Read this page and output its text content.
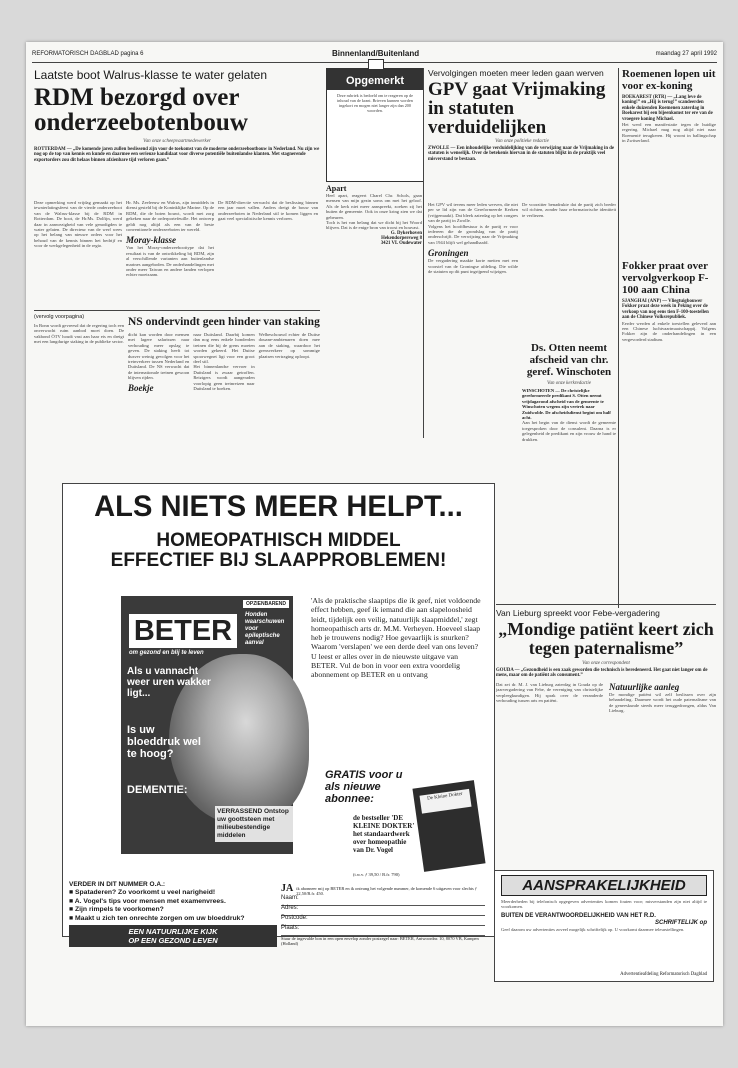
REFORMATORISCH DAGBLAD pagina 6	Binnenland/Buitenland	maandag 27 april 1992
Laatste boot Walrus-klasse te water gelaten
RDM bezorgd over onderzeebotenbouw
Van onze scheepvaartmedewerker

ROTTERDAM — „De komende jaren zullen beslissend zijn voor de toekomst van de moderne onderzeebootbouw in Nederland. Nu zijn we nog op de top van kennis en kunde en daarmee een serieuze kandidaat voor diverse potentiële buitenlandse klanten. Met stagnerende exportorders zou dit helaas binnen afzienbare tijd verloren gaan.”

Deze opmerking werd vrijdag gemaakt op het tewaterlatingsfeest van de vierde onderzeeboot van de Walrus-klasse bij de RDM in Rotterdam. De boot, de Hr.Ms. Dolfijn, werd daar in aanwezigheid van vele genodigden te water gelaten. De directeur van de werf wees op het belang van nieuwe orders voor het behoud van de kennis binnen het bedrijf en voor de werkgelegenheid in de regio.

Hr. Ms. Zeeleeuw en Walrus, zijn inmiddels in dienst gesteld bij de Koninklijke Marine. Op de RDM, die de boten bouwt, wordt met zorg gekeken naar de orderportefeuille. Het ontwerp geldt nog altijd als een van de beste conventionele onderzeeboten ter wereld.

Moray-klasse

Van het Moray-onderzeeboottype dat het resultaat is van de ontwikkeling bij RDM, zijn al verschillende varianten aan buitenlandse marines aangeboden. De onderhandelingen met onder meer Taiwan en andere landen verlopen echter moeizaam.

De RDM-directie verwacht dat de beslissing binnen een jaar moet vallen. Anders dreigt de bouw van onderzeeboten in Nederland stil te komen liggen en gaat veel specialistische kennis verloren.

(vervolg voorpagina)

In Bonn wordt gevreesd dat de regering toch een onverwacht ruim aanbod moet doen. De vakbond ÖTV houdt vast aan haar eis en dreigt met een langdurige staking in de publieke sector.

NS ondervindt geen hinder van staking

dicht kan worden door mensen met lagere salarissen naar verhouding meer opslag te geven. De staking heeft tot dusver weinig gevolgen voor het treinverkeer tussen Nederland en Duitsland. De NS verwacht dat de internationale treinen gewoon blijven rijden.

Boekje

naar Duitsland. Daarbij komen dan nog eens enkele honderden treinen die bij de grens moeten worden gekeerd. Het Duitse spoorwegnet ligt voor een groot deel stil.

Het binnenlandse vervoer in Duitsland is zwaar getroffen. Reizigers wordt aangeraden voorlopig geen treinreizen naar Duitsland te boeken.

Welbeschouwd echter de Duitse douane-ambtenaren doen mee aan de staking, waardoor het grensverkeer op sommige plaatsen vertraging oploopt.

Opgemerkt

Deze rubriek is bedoeld om te reageren op de inhoud van de krant. Brieven kunnen worden ingekort en mogen niet langer zijn dan 200 woorden.

Apart

Heel apart, reageert Charel Chr. Schols, gaan mensen van mijn gezin soms om met het geloof. Als de kerk niet meer aanspreekt, zoeken zij het buiten de gemeente. Ook in onze kring zien we dat gebeuren.

Toch is het van belang dat we dicht bij het Woord blijven. Dat is de enige bron van troost en houvast.

G. Dykerhoven
Hekendorpersweg 8
3421 VL Oudewater
Vervolgingen moeten meer leden gaan werven
GPV gaat Vrijmaking in statuten verduidelijken
Van onze politieke redactie

ZWOLLE — Een inhoudelijke verduidelijking van de verwijzing naar de Vrijmaking in de statuten is wenselijk. Over de betekenis hiervan in de statuten blijkt in de praktijk veel misverstand te bestaan.

Het GPV wil tevens meer leden werven, die niet per se lid zijn van de Gereformeerde Kerken (vrijgemaakt). Dat bleek zaterdag op het congres van de partij in Zwolle.

Volgens het hoofdbestuur is de partij er voor iedereen die de grondslag van de partij onderschrijft. De verwijzing naar de Vrijmaking van 1944 blijft wel gehandhaafd.

Groningen

De vergadering maakte korte metten met een voorstel van de Groningse afdeling. Die wilde de statuten op dit punt ingrijpend wijzigen.

De voorzitter benadrukte dat de partij zich breder wil richten, zonder haar reformatorische identiteit te verliezen.

Ds. Otten neemt afscheid van chr. geref. Winschoten
Van onze kerkredactie

WINSCHOTEN — De christelijke gereformeerde predikant S. Otten neemt vrijdagavond afscheid van de gemeente te Winschoten wegens zijn vertrek naar Zuidwolde. De afscheidsdienst begint om half acht.

Aan het begin van de dienst wordt de gemeente toegesproken door de consulent. Daarna is er gelegenheid de predikant en zijn vrouw de hand te drukken.

Roemenen lopen uit voor ex-koning

BOEKAREST (RTR) — „Lang leve de koning!” en „Hij is terug!” scandeerden enkele duizenden Roemenen zaterdag in Boekarest bij een bijeenkomst ter ere van de vroegere koning Michael.

Het werd een manifestatie tegen de huidige regering. Michael mag nog altijd niet naar Roemenië terugkeren. Hij woont in ballingschap in Zwitserland.

Fokker praat over vervolgverkoop F-100 aan China

SJANGHAI (ANP) — Vliegtuigbouwer Fokker praat deze week in Peking over de verkoop van nog eens tien F-100-toestellen aan de Chinese Volksrepubliek.

Eerder werden al enkele toestellen geleverd aan een Chinese luchtvaartmaatschappij. Volgens Fokker zijn de onderhandelingen in een vergevorderd stadium.

Van Lieburg spreekt voor Febe-vergadering
„Mondige patiënt keert zich tegen paternalisme”
Van onze correspondent

GOUDA — „Gezondheid is een zaak geworden die technisch is beredeneerd. Het gaat niet langer om de mens, maar om de patiënt als consument.”

Dat zei dr. M. J. van Lieburg zaterdag in Gouda op de jaarvergadering van Febe, de vereniging van christelijke verpleegkundigen. Hij sprak over de veranderde verhouding tussen arts en patiënt.

Natuurlijke aanleg

De mondige patiënt wil zelf beslissen over zijn behandeling. Daarmee wordt het oude paternalisme van de geneeskunde steeds meer teruggedrongen, aldus Van Lieburg.

ALS NIETS MEER HELPT...
HOMEOPATHISCH MIDDEL
EFFECTIEF BIJ SLAAPPROBLEMEN!
OPZIENBAREND
BETER
om gezond en blij te leven
Honden waarschuwen voor epileptische aanval
Als u vannacht weer uren wakker ligt...
Is uw bloeddruk wel te hoog?
DEMENTIE:
VERRASSEND Ontstop uw goottsteen met milieubestendige middelen
'Als de praktische slaaptips die ik geef, niet voldoende effect hebben, geef ik iemand die aan slapeloosheid leidt, tijdelijk een veilig, natuurlijk slaapmiddel,' zegt homeopathisch arts dr. M.M. Verheyen. Hoeveel slaap heb je trouwens nodig? Hoe gevaarlijk is snurken? Waarom 'verslapen' we een derde deel van ons leven? U leest er alles over in de nieuwste uitgave van BETER. Vul de bon in voor een extra voordelig abonnement op BETER en u ontvang
GRATIS voor u als nieuwe abonnee:
de bestseller 'DE KLEINE DOKTER' het standaardwerk over homeopathie van Dr. Vogel
(t.w.v. ƒ 39,50 / B.fr. 790)
De Kleine Dokter
JA ik abonneer mij op BETER en ik ontvang het volgende nummer, de komende 6 uitgaven voor slechts ƒ 22,50/B.fr. 450.
Naam:
Adres:
Postcode:
Plaats:
Stuur de ingevulde bon in een open envelop zonder postzegel naar: BETER, Antwoordnr. 10, 8070 VB, Kampen (Holland)
VERDER IN DIT NUMMER O.A.:
■ Spataderen? Zo voorkomt u veel narigheid!
■ A. Vogel's tips voor mensen met examenvrees.
■ Zijn rimpels te voorkomen?
■ Maakt u zich ten onrechte zorgen om uw bloeddruk?
EEN NATUURLIJKE KIJK
OP EEN GEZOND LEVEN
AANSPRAKELIJKHEID

Meerderheden bij telefonisch opgegeven advertenties komen fouten voor; misverstanden zijn niet altijd te voorkomen.

BUITEN DE VERANTWOORDELIJKHEID VAN HET R.D.
SCHRIFTELIJK op

Geef daarom uw advertenties zoveel mogelijk schriftelijk op. U voorkomt daarmee teleurstellingen.

Advertentieafdeling Reformatorisch Dagblad
